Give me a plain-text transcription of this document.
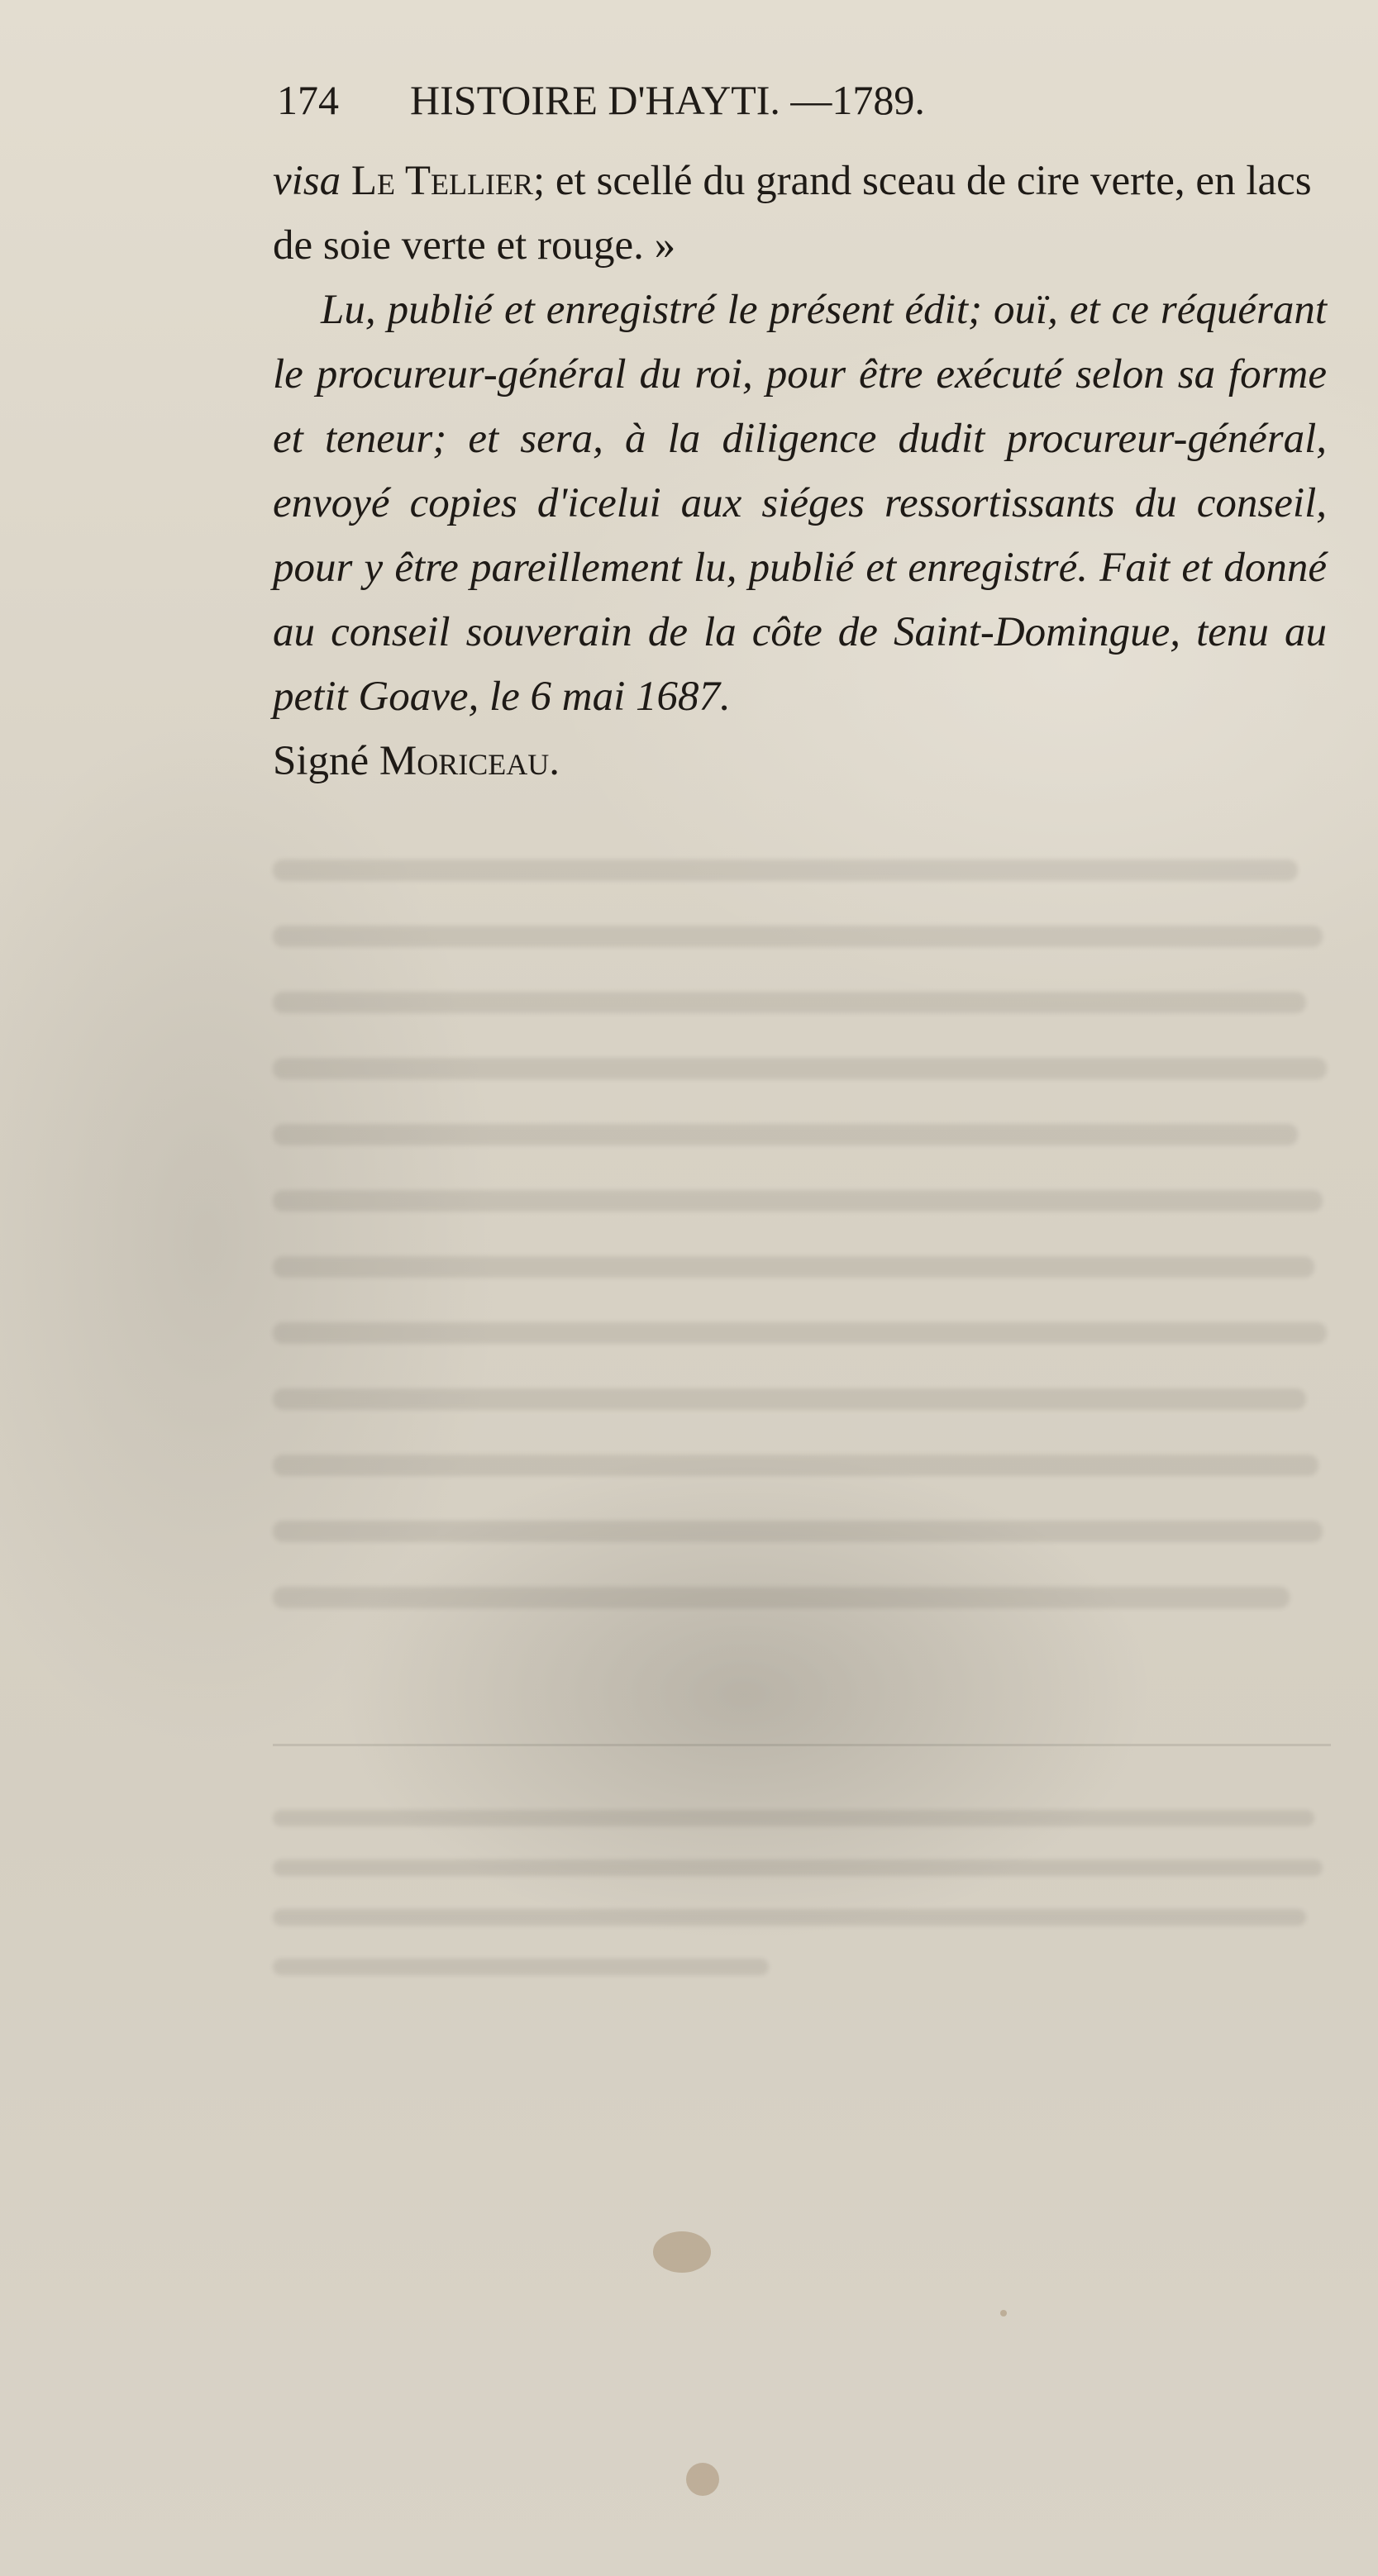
174 HISTOIRE D'HAYTI. —1789.

visa Le Tellier; et scellé du grand sceau de cire verte, en lacs de soie verte et rouge. »

Lu, publié et enregistré le présent édit; ouï, et ce réquérant le procureur-général du roi, pour être exécuté selon sa forme et teneur; et sera, à la diligence dudit procureur-général, envoyé copies d'icelui aux siéges ressortissants du conseil, pour y être pareillement lu, publié et enregistré. Fait et donné au conseil souverain de la côte de Saint-Domingue, tenu au petit Goave, le 6 mai 1687.

Signé Moriceau.
